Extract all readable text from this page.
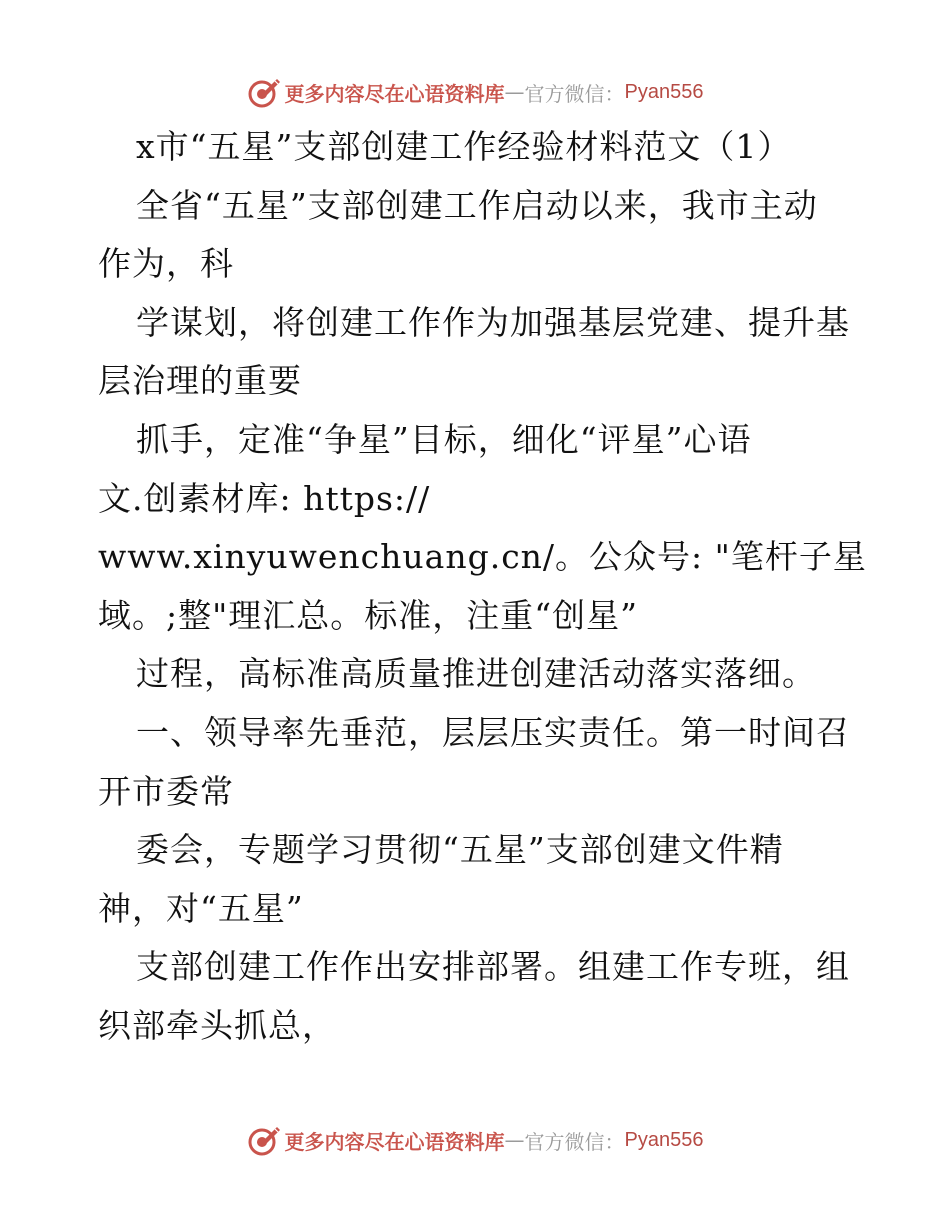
更多内容尽在心语资料库 — 官方微信： Pyan556
x市“五星”支部创建工作经验材料范文（1）
全省“五星”支部创建工作启动以来，我市主动
作为，科
学谋划，将创建工作作为加强基层党建、提升基
层治理的重要
抓手，定准“争星”目标，细化“评星”心语
文.创素材库: https://
www.xinyuwenchuang.cn/。公众号: "笔杆子星
域。;整"理汇总。标准，注重“创星”
过程，高标准高质量推进创建活动落实落细。
一、领导率先垂范，层层压实责任。第一时间召
开市委常
委会，专题学习贯彻“五星”支部创建文件精
神，对“五星”
支部创建工作作出安排部署。组建工作专班，组
织部牵头抓总，
更多内容尽在心语资料库 — 官方微信： Pyan556
